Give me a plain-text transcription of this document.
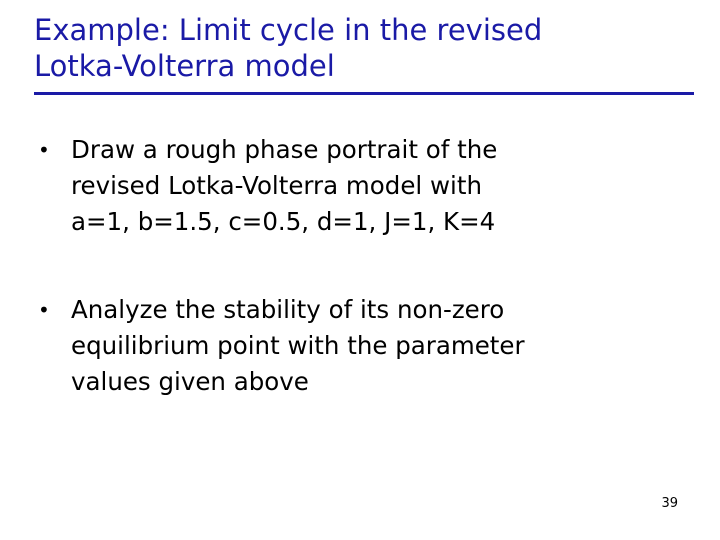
Example: Limit cycle in the revised
Lotka-Volterra model
• Draw a rough phase portrait of the
revised Lotka-Volterra model with
a=1, b=1.5, c=0.5, d=1, J=1, K=4
• Analyze the stability of its non-zero
equilibrium point with the parameter
values given above
39
